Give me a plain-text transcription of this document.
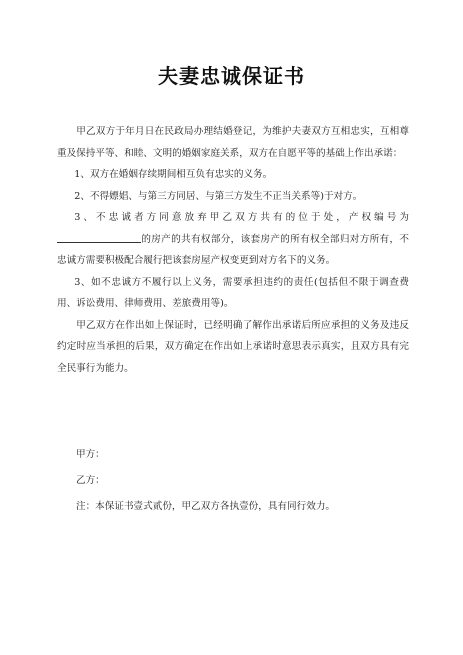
夫妻忠诚保证书

甲乙双方于年月日在民政局办理结婚登记，为维护夫妻双方互相忠实，互相尊重及保持平等、和睦、文明的婚姻家庭关系，双方在自愿平等的基础上作出承诺：

1、双方在婚姻存续期间相互负有忠实的义务。

2、不得嫖娼、与第三方同居、与第三方发生不正当关系等)于对方。

3、不忠诚者方同意放弃甲乙双方共有的位于处，产权编号为的房产的共有权部分，该套房产的所有权全部归对方所有，不忠诚方需要积极配合履行把该套房屋产权变更到对方名下的义务。

3、如不忠诚方不履行以上义务，需要承担违约的责任(包括但不限于调查费用、诉讼费用、律师费用、差旅费用等)。

甲乙双方在作出如上保证时，已经明确了解作出承诺后所应承担的义务及违反约定时应当承担的后果，双方确定在作出如上承诺时意思表示真实，且双方具有完全民事行为能力。

甲方：
乙方：
注：本保证书壹式贰份，甲乙双方各执壹份，具有同行效力。
